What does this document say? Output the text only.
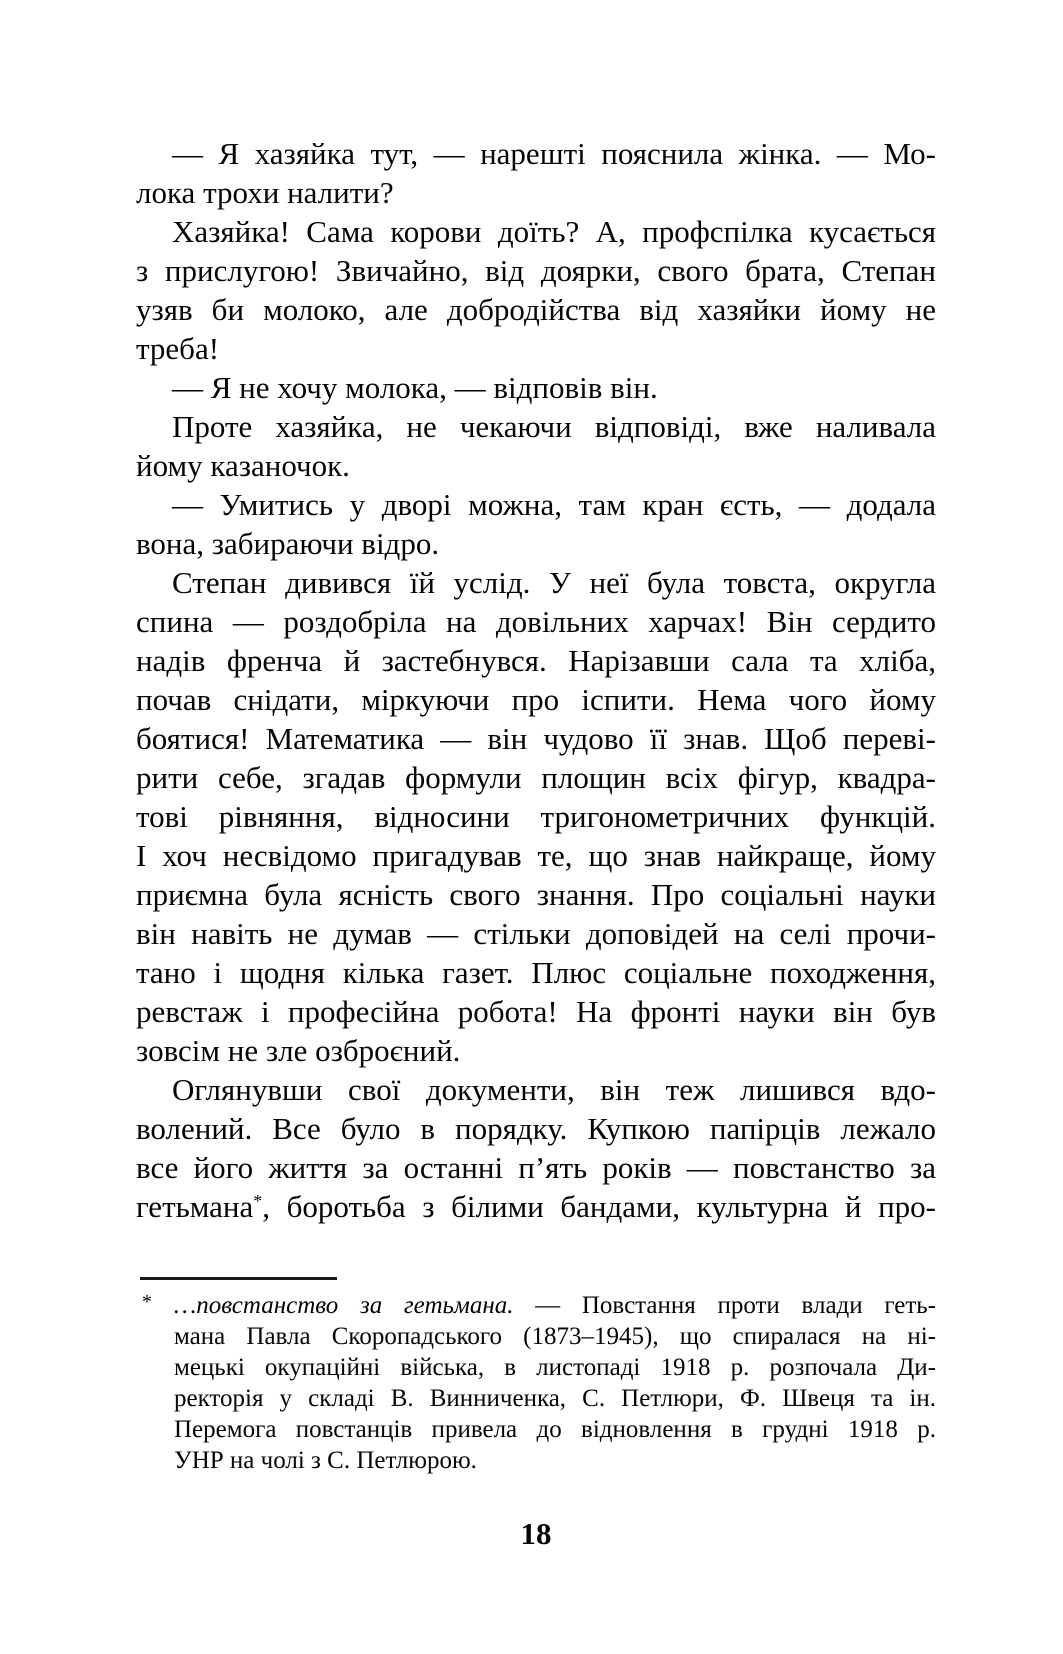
— Я хазяйка тут, — нарешті пояснила жінка. — Мо-
лока трохи налити?
Хазяйка! Сама корови доїть? А, профспілка кусається
з прислугою! Звичайно, від доярки, свого брата, Степан
узяв би молоко, але добродійства від хазяйки йому не
треба!
— Я не хочу молока, — відповів він.
Проте хазяйка, не чекаючи відповіді, вже наливала
йому казаночок.
— Умитись у дворі можна, там кран єсть, — додала
вона, забираючи відро.
Степан дивився їй услід. У неї була товста, округла
спина — роздобріла на довільних харчах! Він сердито
надів френча й застебнувся. Нарізавши сала та хліба,
почав снідати, міркуючи про іспити. Нема чого йому
боятися! Математика — він чудово її знав. Щоб переві-
рити себе, згадав формули площин всіх фігур, квадра-
тові рівняння, відносини тригонометричних функцій.
І хоч несвідомо пригадував те, що знав найкраще, йому
приємна була ясність свого знання. Про соціальні науки
він навіть не думав — стільки доповідей на селі прочи-
тано і щодня кілька газет. Плюс соціальне походження,
ревстаж і професійна робота! На фронті науки він був
зовсім не зле озброєний.
Оглянувши свої документи, він теж лишився вдо-
волений. Все було в порядку. Купкою папірців лежало
все його життя за останні п’ять років — повстанство за
гетьмана*, боротьба з білими бандами, культурна й про-
* …повстанство за гетьмана. — Повстання проти влади геть-
мана Павла Скоропадського (1873–1945), що спиралася на ні-
мецькі окупаційні війська, в листопаді 1918 р. розпочала Ди-
ректорія у складі В. Винниченка, С. Петлюри, Ф. Швеця та ін.
Перемога повстанців привела до відновлення в грудні 1918 р.
УНР на чолі з С. Петлюрою.
18
